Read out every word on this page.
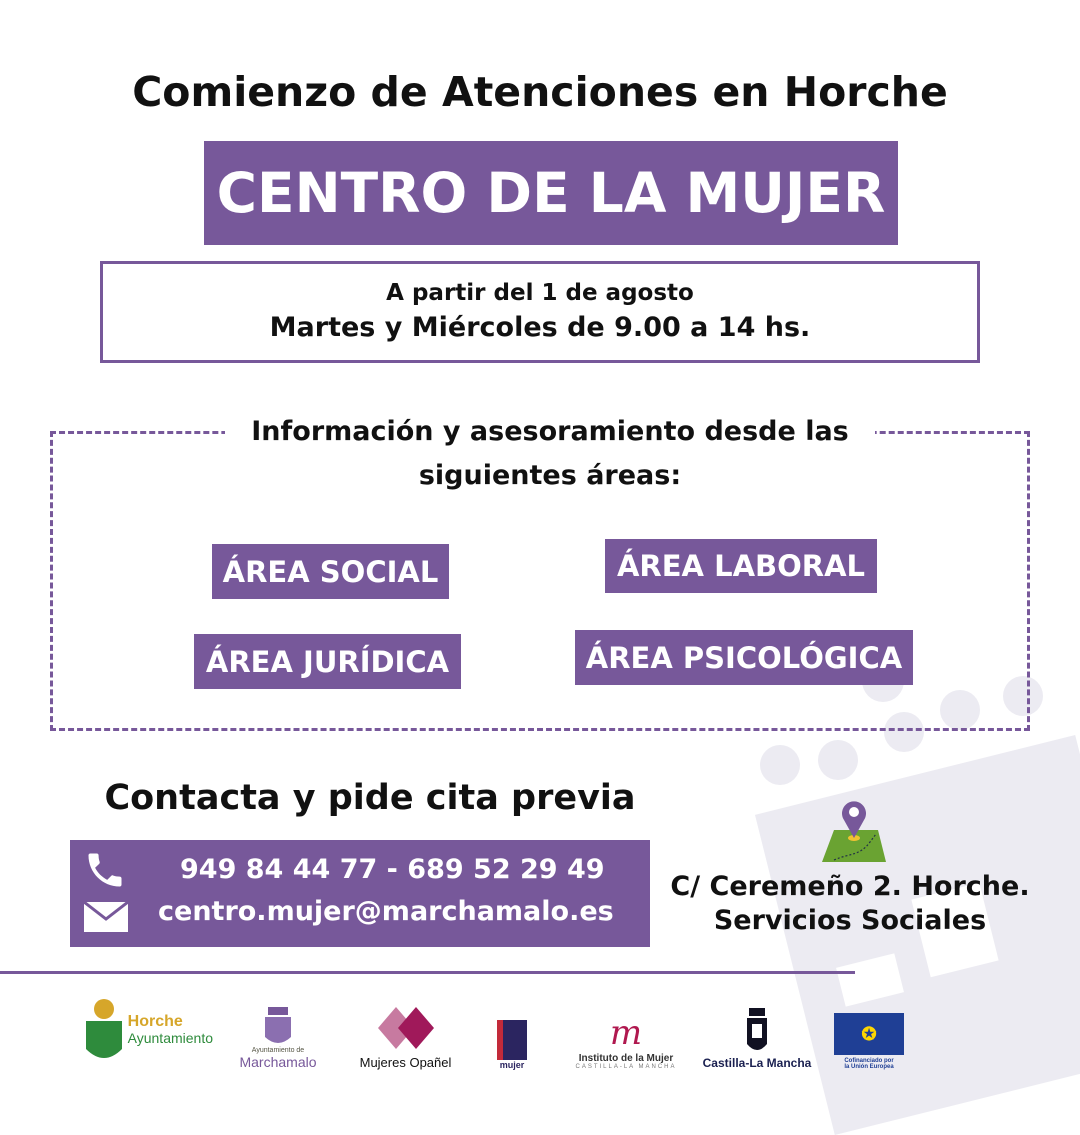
Comienzo de Atenciones en Horche
CENTRO DE LA MUJER
A partir del 1 de agosto
Martes y Miércoles de 9.00 a 14 hs.
Información y asesoramiento desde las
siguientes áreas:
ÁREA SOCIAL	ÁREA LABORAL
ÁREA JURÍDICA	ÁREA PSICOLÓGICA
Contacta y pide cita previa
949 84 44 77 - 689 52 29 49
centro.mujer@marchamalo.es
C/ Ceremeño 2. Horche.
Servicios Sociales
Horche
Ayuntamiento
Ayuntamiento de
Marchamalo	Mujeres Opañel	mujer
m
Instituto de la Mujer
CASTILLA-LA MANCHA Castilla-La Mancha
✪
Cofinanciado por
la Unión Europea
